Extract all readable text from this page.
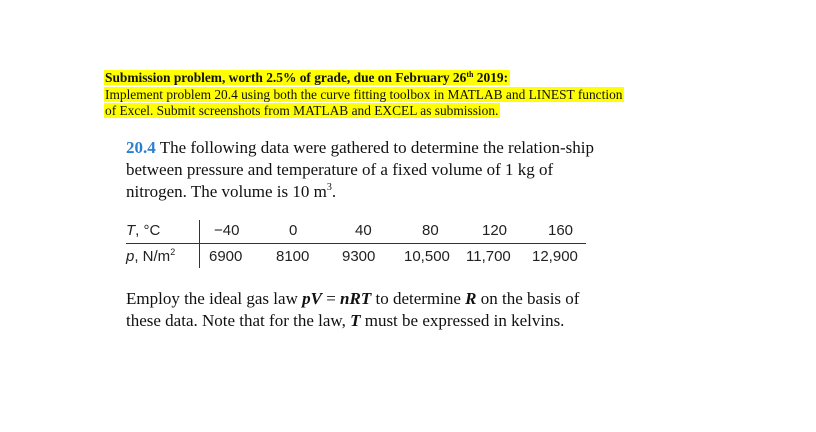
Submission problem, worth 2.5% of grade, due on February 26th 2019:
Implement problem 20.4 using both the curve fitting toolbox in MATLAB and LINEST function
of Excel. Submit screenshots from MATLAB and EXCEL as submission.
20.4 The following data were gathered to determine the relation-ship between pressure and temperature of a fixed volume of 1 kg of nitrogen. The volume is 10 $m^3$.
T, °C	−40	0	40	80	120	160
p, $N/m^2$ 6900 8100 9300 10,500 11,700 12,900
Employ the ideal gas law pV = nRT to determine R on the basis of these data. Note that for the law, T must be expressed in kelvins.
